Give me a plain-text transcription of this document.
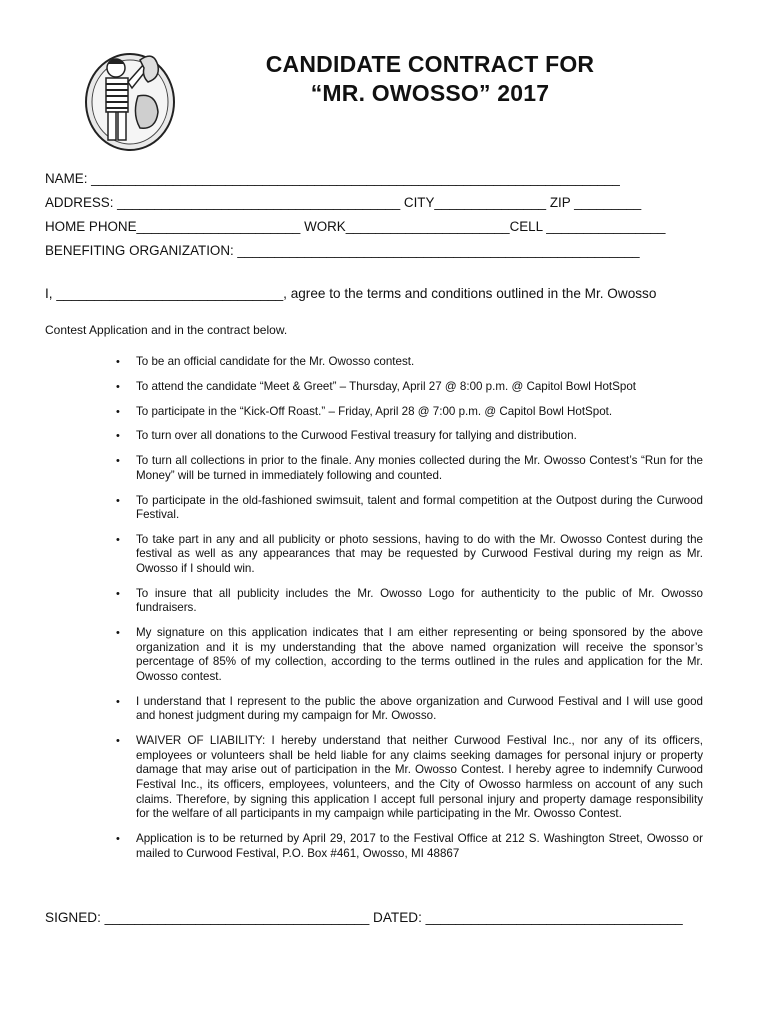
CANDIDATE CONTRACT FOR
“MR. OWOSSO” 2017
NAME: _______________________________________________________________________
ADDRESS: ______________________________________ CITY_______________ ZIP _________
HOME PHONE______________________ WORK______________________CELL ________________
BENEFITING ORGANIZATION: ______________________________________________________
I, ______________________________, agree to the terms and conditions outlined in the Mr. Owosso
Contest Application and in the contract below.
• To be an official candidate for the Mr. Owosso contest.
• To attend the candidate “Meet & Greet” – Thursday, April 27 @ 8:00 p.m. @ Capitol Bowl HotSpot
• To participate in the “Kick-Off Roast.” – Friday, April 28 @ 7:00 p.m. @ Capitol Bowl HotSpot.
• To turn over all donations to the Curwood Festival treasury for tallying and distribution.
• To turn all collections in prior to the finale. Any monies collected during the Mr. Owosso Contest’s “Run for the Money” will be turned in immediately following and counted.
• To participate in the old-fashioned swimsuit, talent and formal competition at the Outpost during the Curwood Festival.
• To take part in any and all publicity or photo sessions, having to do with the Mr. Owosso Contest during the festival as well as any appearances that may be requested by Curwood Festival during my reign as Mr. Owosso if I should win.
• To insure that all publicity includes the Mr. Owosso Logo for authenticity to the public of Mr. Owosso fundraisers.
• My signature on this application indicates that I am either representing or being sponsored by the above organization and it is my understanding that the above named organization will receive the sponsor’s percentage of 85% of my collection, according to the terms outlined in the rules and application for the Mr. Owosso contest.
• I understand that I represent to the public the above organization and Curwood Festival and I will use good and honest judgment during my campaign for Mr. Owosso.
• WAIVER OF LIABILITY: I hereby understand that neither Curwood Festival Inc., nor any of its officers, employees or volunteers shall be held liable for any claims seeking damages for personal injury or property damage that may arise out of participation in the Mr. Owosso Contest. I hereby agree to indemnify Curwood Festival Inc., its officers, employees, volunteers, and the City of Owosso harmless on account of any such claims. Therefore, by signing this application I accept full personal injury and property damage responsibility for the welfare of all participants in my campaign while participating in the Mr. Owosso Contest.
• Application is to be returned by April 29, 2017 to the Festival Office at 212 S. Washington Street, Owosso or mailed to Curwood Festival, P.O. Box #461, Owosso, MI 48867
SIGNED: ___________________________________ DATED: __________________________________
